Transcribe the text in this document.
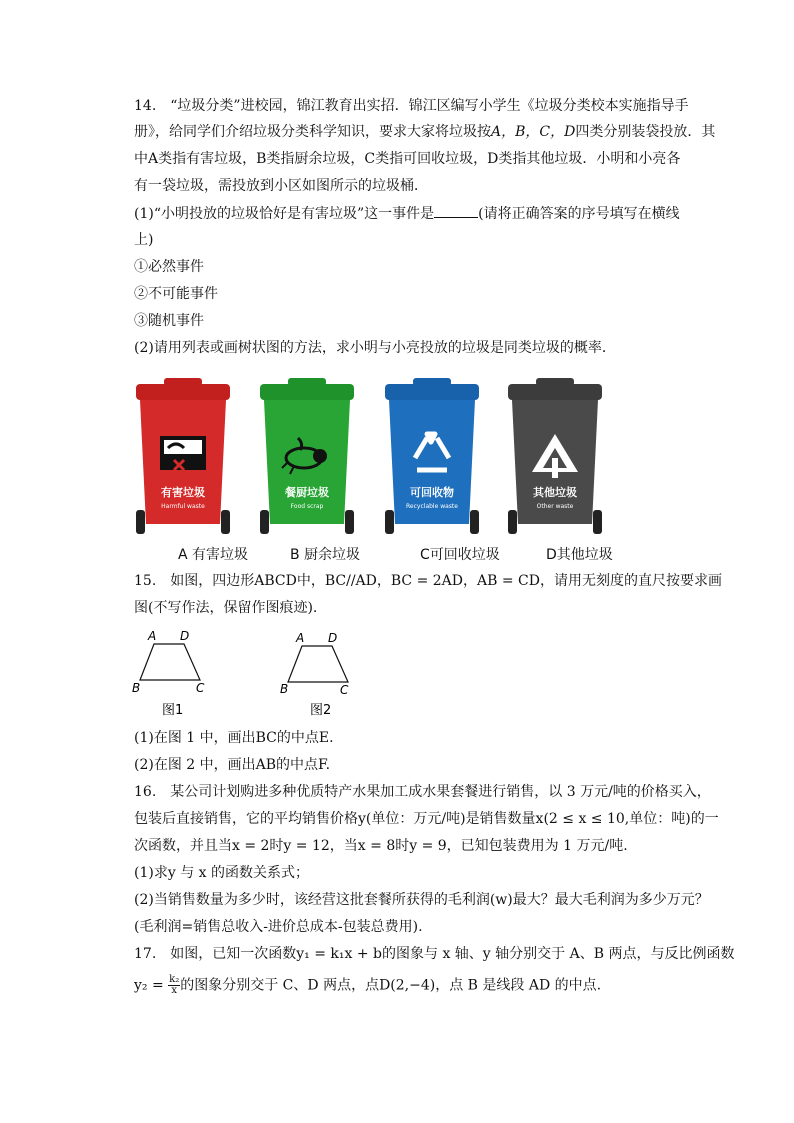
14.　“垃圾分类”进校园，锦江教育出实招．锦江区编写小学生《垃圾分类校本实施指导手
册》，给同学们介绍垃圾分类科学知识，要求大家将垃圾按A，B，C，D四类分别装袋投放．其
中A类指有害垃圾，B类指厨余垃圾，C类指可回收垃圾，D类指其他垃圾．小明和小亮各
有一袋垃圾，需投放到小区如图所示的垃圾桶．
(1)“小明投放的垃圾恰好是有害垃圾”这一事件是	(请将正确答案的序号填写在横线
上)
①必然事件
②不可能事件
③随机事件
(2)请用列表或画树状图的方法，求小明与小亮投放的垃圾是同类垃圾的概率．
有害垃圾
Harmful waste
A 有害垃圾
餐厨垃圾
Food scrap
B 厨余垃圾
可回收物
Recyclable waste
C可回收垃圾
其他垃圾
Other waste
D其他垃圾
15.　如图，四边形ABCD中，BC//AD，BC = 2AD，AB = CD，请用无刻度的直尺按要求画
图(不写作法，保留作图痕迹).
A D
B	C
图1
A D
B	C
图2
(1)在图 1 中，画出BC的中点E.
(2)在图 2 中，画出AB的中点F.
16.　某公司计划购进多种优质特产水果加工成水果套餐进行销售，以 3 万元/吨的价格买入，
包装后直接销售，它的平均销售价格y(单位：万元/吨)是销售数量x(2 ≤ x ≤ 10,单位：吨)的一
次函数，并且当x = 2时y = 12，当x = 8时y = 9，已知包装费用为 1 万元/吨.
(1)求y 与 x 的函数关系式；
(2)当销售数量为多少时，该经营这批套餐所获得的毛利润(w)最大？最大毛利润为多少万元？
(毛利润=销售总收入-进价总成本-包装总费用).
17.　如图，已知一次函数y₁ = k₁x + b的图象与 x 轴、y 轴分别交于 A、B 两点，与反比例函数
$y_2 = \frac{\text{k₂}}{x}$ 的图象分别交于 C、D 两点，点D(2,−4)，点 B 是线段 AD 的中点.
